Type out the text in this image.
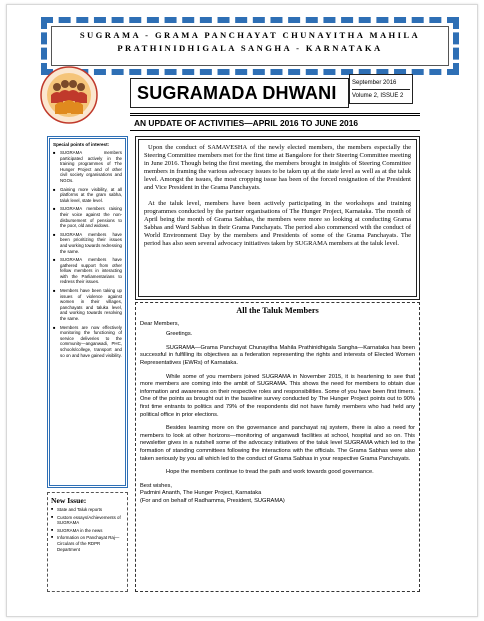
SUGRAMA - GRAMA PANCHAYAT CHUNAYITHA MAHILA
PRATHINIDHIGALA SANGHA - KARNATAKA
SUGRAMADA DHWANI	September 2016
Volume 2, ISSUE 2
AN UPDATE OF ACTIVITIES—APRIL 2016 TO JUNE 2016
Special points of interest:
■ SUGRAMA members participated actively in the training programmes of The Hunger Project and of other civil society organisations and NGOs.
■ Gaining more visibility, at all platforms at the gram sabha, taluk level, state level.
■ SUGRAMA members raising their voice against the non-disbursement of pensions to the poor, old and widows.
■ SUGRAMA members have been prioritizing their issues and working towards redressing the same.
■ SUGRAMA members have gathered support from other fellow members in interacting with the Parliamentarians to redress their issues.
■ Members have been taking up issues of violence against women in their villages, panchayats and taluka level, and working towards resolving the same.
■ Members are now effectively monitoring the functioning of service deliveries to the community—anganwadi, PHC, schools/college, transport and so on and have gained visibility.
New Issue:
■ State and Taluk reports
■ Custom essays/Achievements of SUGRAMA
■ SUGRAMA in the news
■ Information on Panchayat Raj—Circulars of the RDPR Department

Upon the conduct of SAMAVESHA of the newly elected members, the members especially the Steering Committee members met for the first time at Bangalore for their Steering Committee meeting in June 2016. Though being the first meeting, the members brought in insights of Steering Committee members in framing the various advocacy issues to be taken up at the state level as well as at the taluk level. Amongst the issues, the most cropping issue has been of the forced resignation of the President and Vice President in the Grama Panchayats.

At the taluk level, members have been actively participating in the workshops and training programmes conducted by the partner organisations of The Hunger Project, Karnataka. The month of April being the month of Grama Sabhas, the members were more so looking at conducting Grama Sabhas and Ward Sabhas in their Grama Panchayats. The period also commenced with the conduct of World Environment Day by the members and Presidents of some of the Grama Panchayats. The period has also seen several advocacy initiatives taken by SUGRAMA members at the taluk level.

All the Taluk Members
Dear Members,

Greetings.

SUGRAMA—Grama Panchayat Chunayitha Mahila Prathinidhigala Sangha—Karnataka has been successful in fulfilling its objectives as a federation representing the rights and interests of Elected Women Representatives (EWRs) of Karnataka.

While some of you members joined SUGRAMA in November 2015, it is heartening to see that more members are coming into the ambit of SUGRAMA. This shows the need for members to obtain due information and awareness on their respective roles and responsibilities. Some of you have been first timers. One of the points as brought out in the baseline survey conducted by The Hunger Project points out to 90% first time entrants to politics and 79% of the respondents did not have family members who had held any political office in prior elections.

Besides learning more on the governance and panchayat raj system, there is also a need for members to look at other horizons—monitoring of anganwadi facilities at school, hospital and so on. This newsletter gives in a nutshell some of the advocacy initiatives of the taluk level SUGRAMA which led to the formation of standing committees following the interactions with the officials. The Grama Sabhas were also taken seriously by you all which led to the conduct of Grama Sabhas in your respective Grama Panchayats.

Hope the members continue to tread the path and work towards good governance.

Best wishes,
Padmini Ananth, The Hunger Project, Karnataka
(For and on behalf of Radhamma, President, SUGRAMA)
